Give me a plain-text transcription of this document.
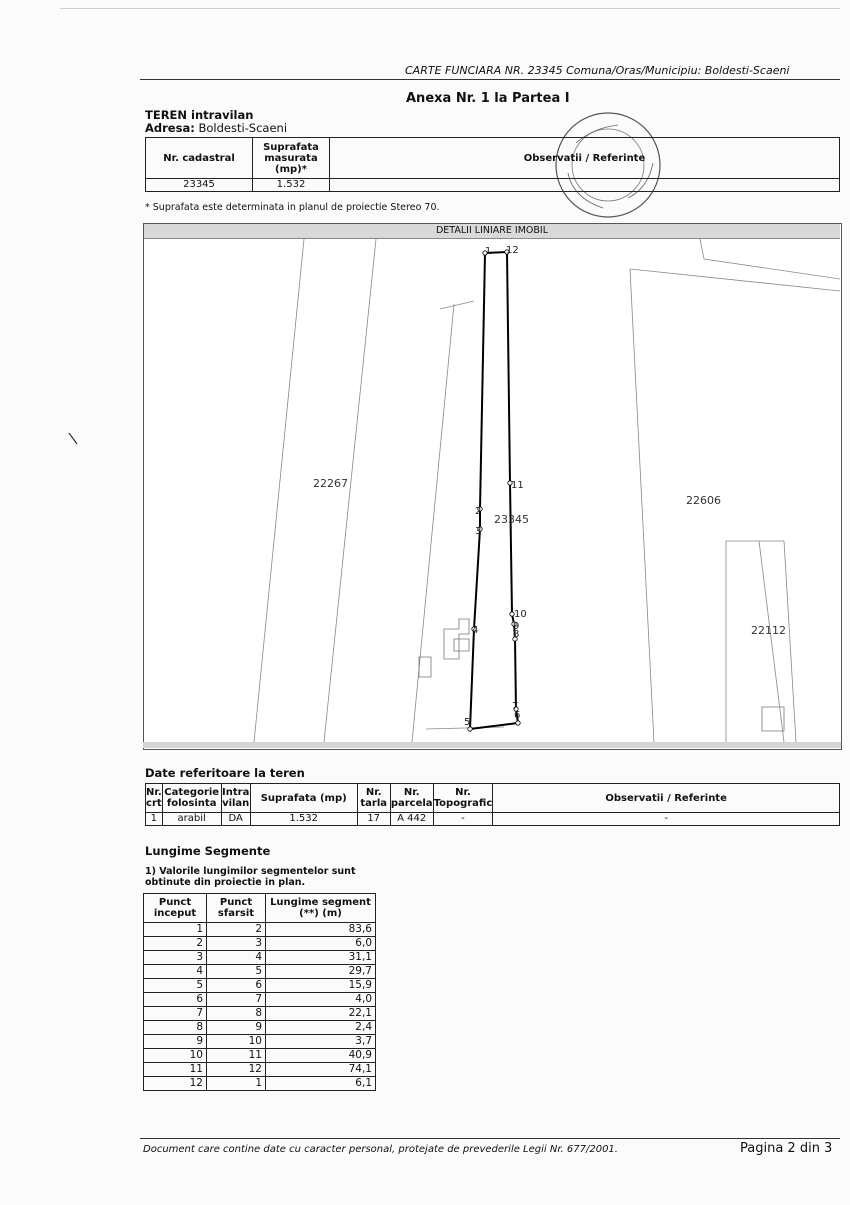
CARTE FUNCIARA NR. 23345 Comuna/Oras/Municipiu: Boldesti-Scaeni
Anexa Nr. 1 la Partea I
TEREN intravilan
Adresa: Boldesti-Scaeni
Nr. cadastral	Suprafata masurata (mp)*	Observatii / Referinte
23345	1.532	
* Suprafata este determinata in planul de proiectie Stereo 70.
DETALII LINIARE IMOBIL
1
2
3
4
5
6
7
8
9
10
11
12
22267
23345
22606
22112
Date referitoare la teren
Nr. crt	Categorie folosinta	Intra vilan	Suprafata (mp)	Nr. tarla	Nr. parcela	Nr. Topografic	Observatii / Referinte
1	arabil	DA	1.532	17	A 442	-	-
Lungime Segmente
1) Valorile lungimilor segmentelor sunt obtinute din proiectie in plan.
Punct inceput	Punct sfarsit	Lungime segment (**) (m)
1	2	83,6
2	3	6,0
3	4	31,1
4	5	29,7
5	6	15,9
6	7	4,0
7	8	22,1
8	9	2,4
9	10	3,7
10	11	40,9
11	12	74,1
12	1	6,1
Document care contine date cu caracter personal, protejate de prevederile Legii Nr. 677/2001.	Pagina 2 din 3
